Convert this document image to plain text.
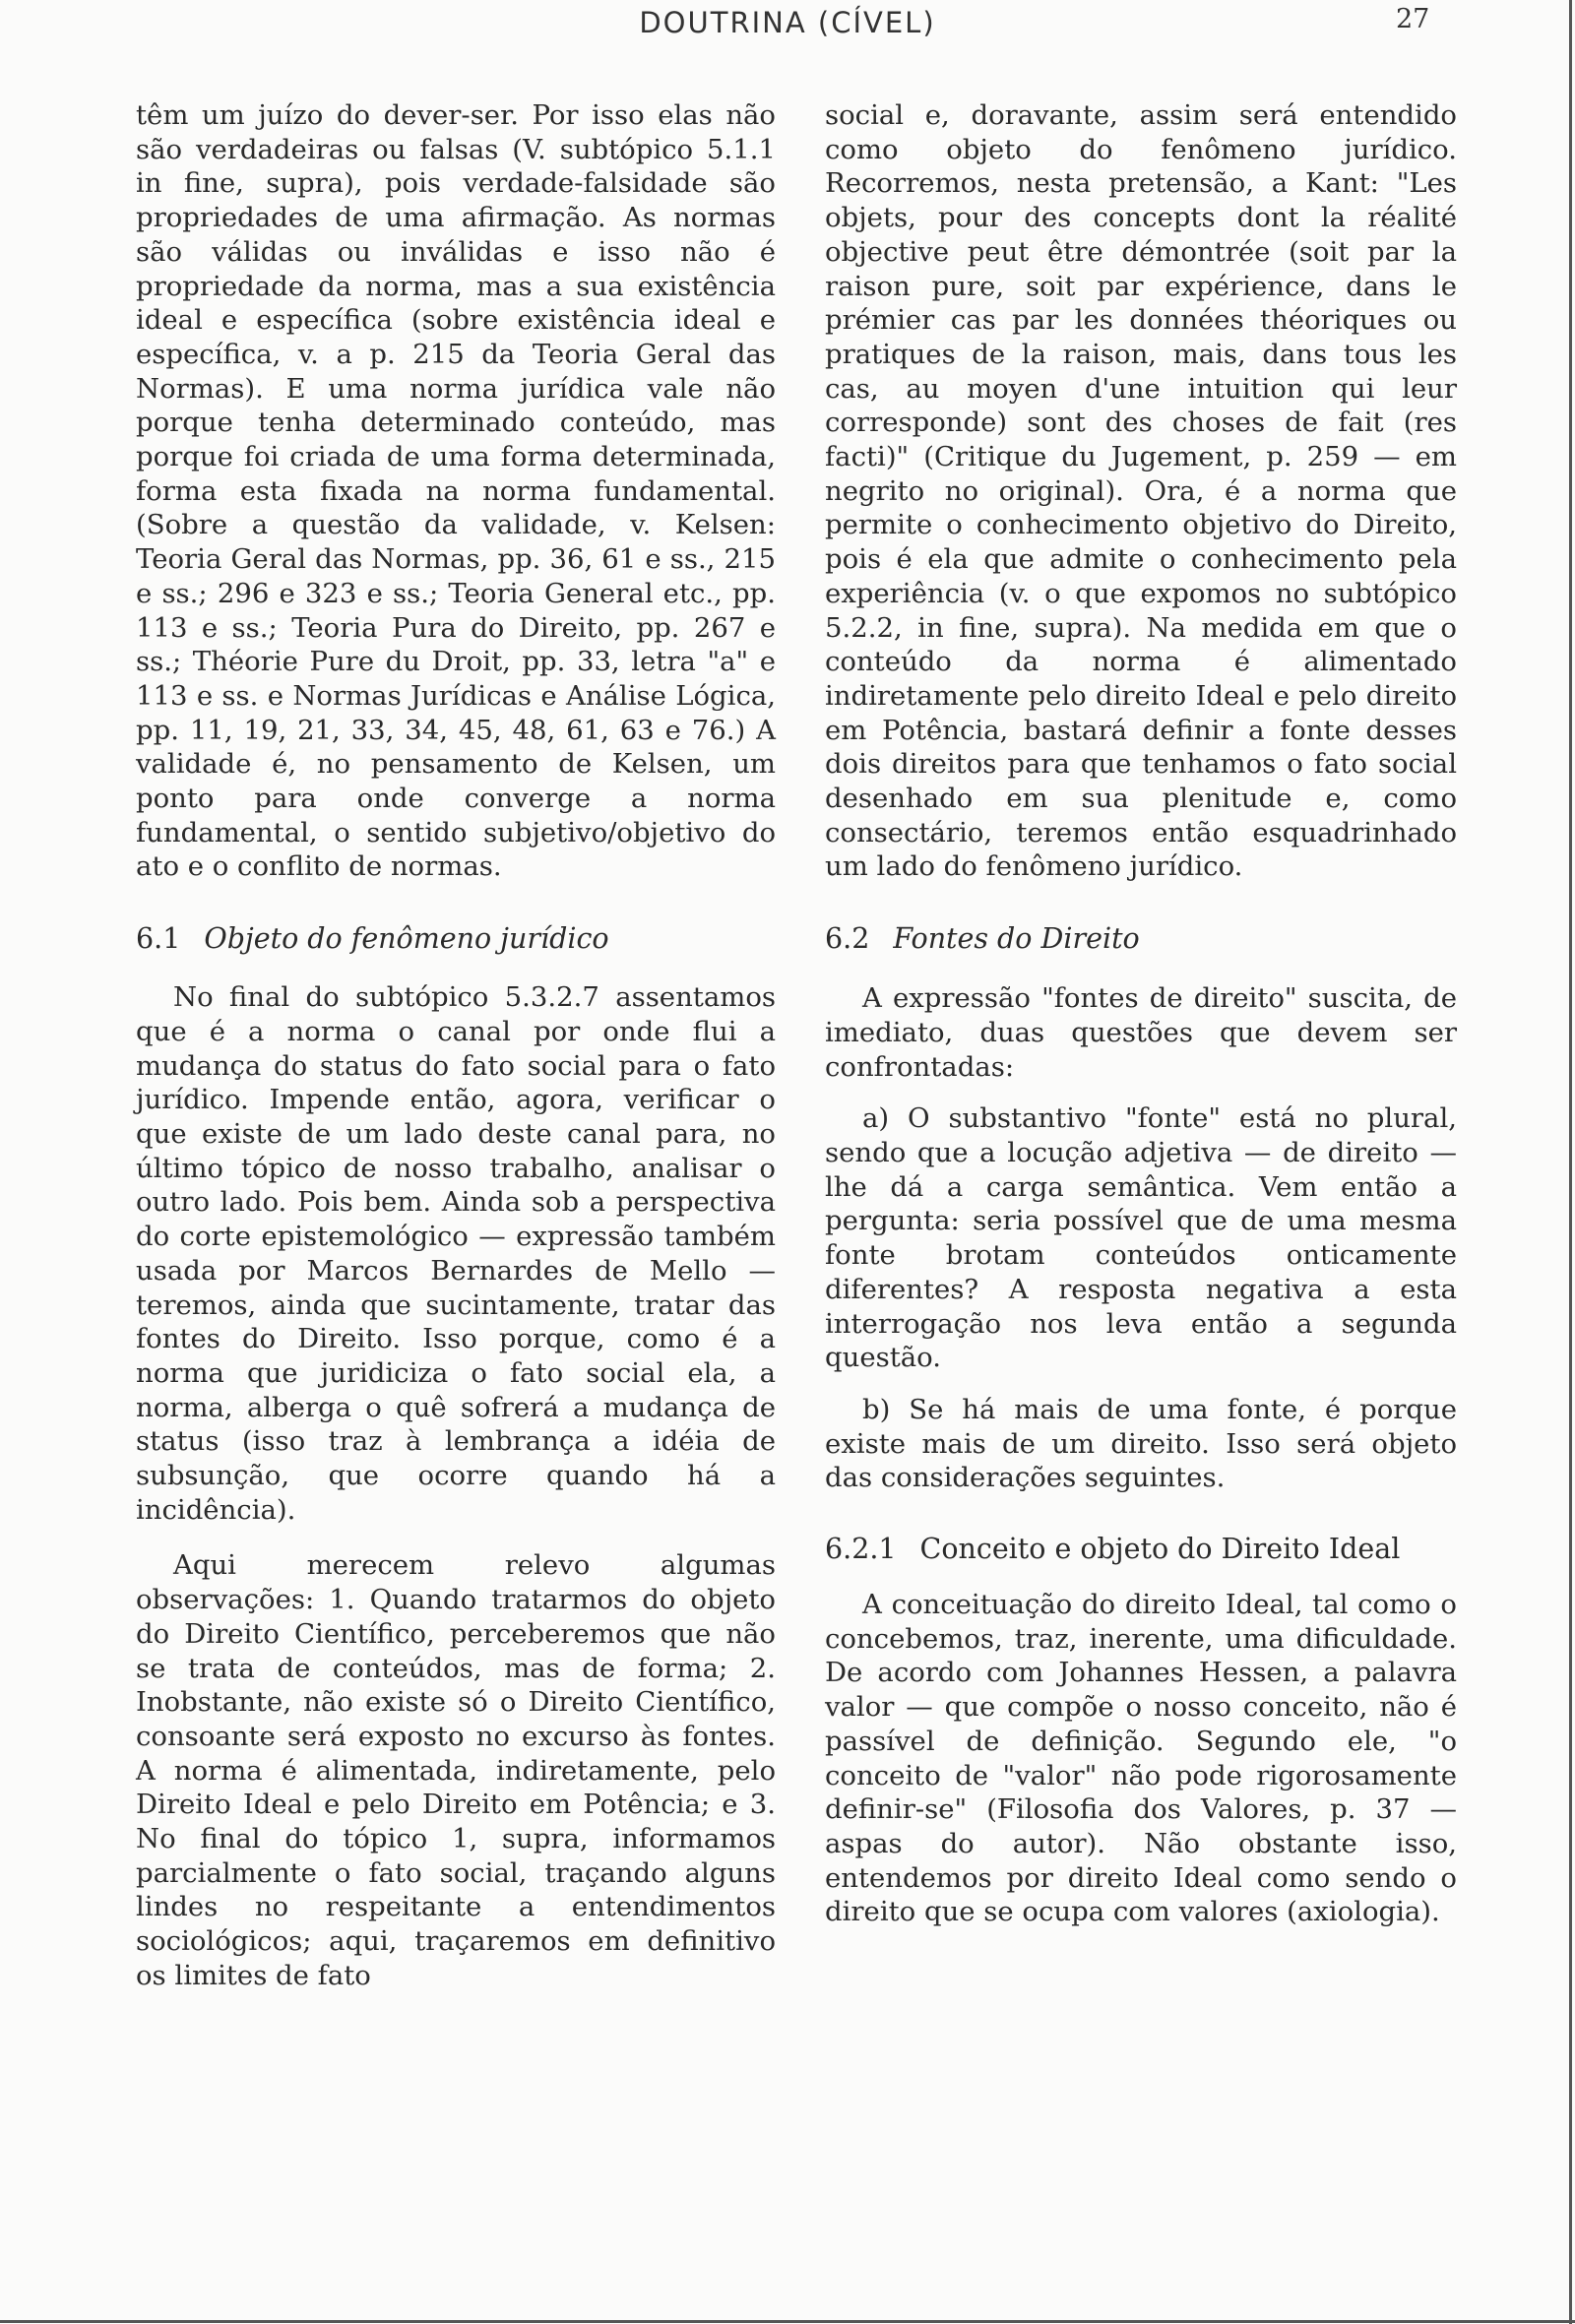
DOUTRINA (CÍVEL)	27

têm um juízo do dever-ser. Por isso elas não são verdadeiras ou falsas (V. subtópico 5.1.1 in fine, supra), pois verdade-falsidade são propriedades de uma afirmação. As normas são válidas ou inválidas e isso não é propriedade da norma, mas a sua existência ideal e específica (sobre existência ideal e específica, v. a p. 215 da Teoria Geral das Normas). E uma norma jurídica vale não porque tenha determinado conteúdo, mas porque foi criada de uma forma determinada, forma esta fixada na norma fundamental. (Sobre a questão da validade, v. Kelsen: Teoria Geral das Normas, pp. 36, 61 e ss., 215 e ss.; 296 e 323 e ss.; Teoria General etc., pp. 113 e ss.; Teoria Pura do Direito, pp. 267 e ss.; Théorie Pure du Droit, pp. 33, letra "a" e 113 e ss. e Normas Jurídicas e Análise Lógica, pp. 11, 19, 21, 33, 34, 45, 48, 61, 63 e 76.) A validade é, no pensamento de Kelsen, um ponto para onde converge a norma fundamental, o sentido subjetivo/objetivo do ato e o conflito de normas.

6.1 Objeto do fenômeno jurídico

No final do subtópico 5.3.2.7 assentamos que é a norma o canal por onde flui a mudança do status do fato social para o fato jurídico. Impende então, agora, verificar o que existe de um lado deste canal para, no último tópico de nosso trabalho, analisar o outro lado. Pois bem. Ainda sob a perspectiva do corte epistemológico — expressão também usada por Marcos Bernardes de Mello — teremos, ainda que sucintamente, tratar das fontes do Direito. Isso porque, como é a norma que juridiciza o fato social ela, a norma, alberga o quê sofrerá a mudança de status (isso traz à lembrança a idéia de subsunção, que ocorre quando há a incidência).

Aqui merecem relevo algumas observações: 1. Quando tratarmos do objeto do Direito Científico, perceberemos que não se trata de conteúdos, mas de forma; 2. Inobstante, não existe só o Direito Científico, consoante será exposto no excurso às fontes. A norma é alimentada, indiretamente, pelo Direito Ideal e pelo Direito em Potência; e 3. No final do tópico 1, supra, informamos parcialmente o fato social, traçando alguns lindes no respeitante a entendimentos sociológicos; aqui, traçaremos em definitivo os limites de fato

social e, doravante, assim será entendido como objeto do fenômeno jurídico. Recorremos, nesta pretensão, a Kant: "Les objets, pour des concepts dont la réalité objective peut être démontrée (soit par la raison pure, soit par expérience, dans le prémier cas par les données théoriques ou pratiques de la raison, mais, dans tous les cas, au moyen d'une intuition qui leur corresponde) sont des choses de fait (res facti)" (Critique du Jugement, p. 259 — em negrito no original). Ora, é a norma que permite o conhecimento objetivo do Direito, pois é ela que admite o conhecimento pela experiência (v. o que expomos no subtópico 5.2.2, in fine, supra). Na medida em que o conteúdo da norma é alimentado indiretamente pelo direito Ideal e pelo direito em Potência, bastará definir a fonte desses dois direitos para que tenhamos o fato social desenhado em sua plenitude e, como consectário, teremos então esquadrinhado um lado do fenômeno jurídico.

6.2 Fontes do Direito

A expressão "fontes de direito" suscita, de imediato, duas questões que devem ser confrontadas:

a) O substantivo "fonte" está no plural, sendo que a locução adjetiva — de direito — lhe dá a carga semântica. Vem então a pergunta: seria possível que de uma mesma fonte brotam conteúdos onticamente diferentes? A resposta negativa a esta interrogação nos leva então a segunda questão.

b) Se há mais de uma fonte, é porque existe mais de um direito. Isso será objeto das considerações seguintes.

6.2.1 Conceito e objeto do Direito Ideal

A conceituação do direito Ideal, tal como o concebemos, traz, inerente, uma dificuldade. De acordo com Johannes Hessen, a palavra valor — que compõe o nosso conceito, não é passível de definição. Segundo ele, "o conceito de "valor" não pode rigorosamente definir-se" (Filosofia dos Valores, p. 37 — aspas do autor). Não obstante isso, entendemos por direito Ideal como sendo o direito que se ocupa com valores (axiologia).
